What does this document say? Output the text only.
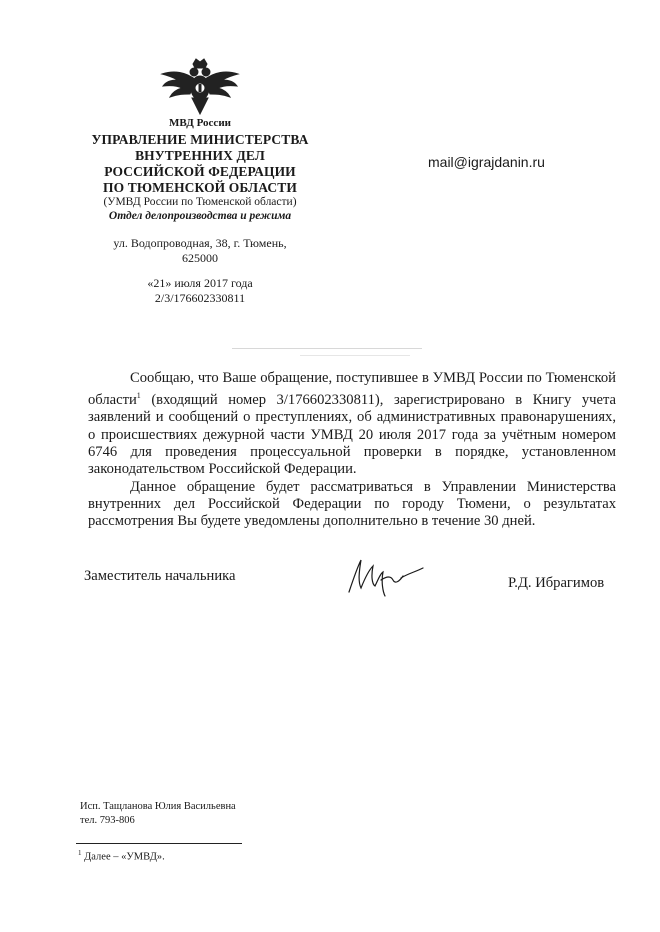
МВД России
УПРАВЛЕНИЕ МИНИСТЕРСТВА
ВНУТРЕННИХ ДЕЛ
РОССИЙСКОЙ ФЕДЕРАЦИИ
ПО ТЮМЕНСКОЙ ОБЛАСТИ
(УМВД России по Тюменской области)
Отдел делопроизводства и режима
ул. Водопроводная, 38, г. Тюмень,
625000
«21» июля 2017 года
2/3/176602330811
mail@igrajdanin.ru

Сообщаю, что Ваше обращение, поступившее в УМВД России по Тюменской области$^1$ (входящий номер 3/176602330811), зарегистрировано в Книгу учета заявлений и сообщений о преступлениях, об административных правонарушениях, о происшествиях дежурной части УМВД 20 июля 2017 года за учётным номером 6746 для проведения процессуальной проверки в порядке, установленном законодательством Российской Федерации.

Данное обращение будет рассматриваться в Управлении Министерства внутренних дел Российской Федерации по городу Тюмени, о результатах рассмотрения Вы будете уведомлены дополнительно в течение 30 дней.

Заместитель начальника	Р.Д. Ибрагимов
Исп. Тащланова Юлия Васильевна
тел. 793-806
$^1$ Далее – «УМВД».
